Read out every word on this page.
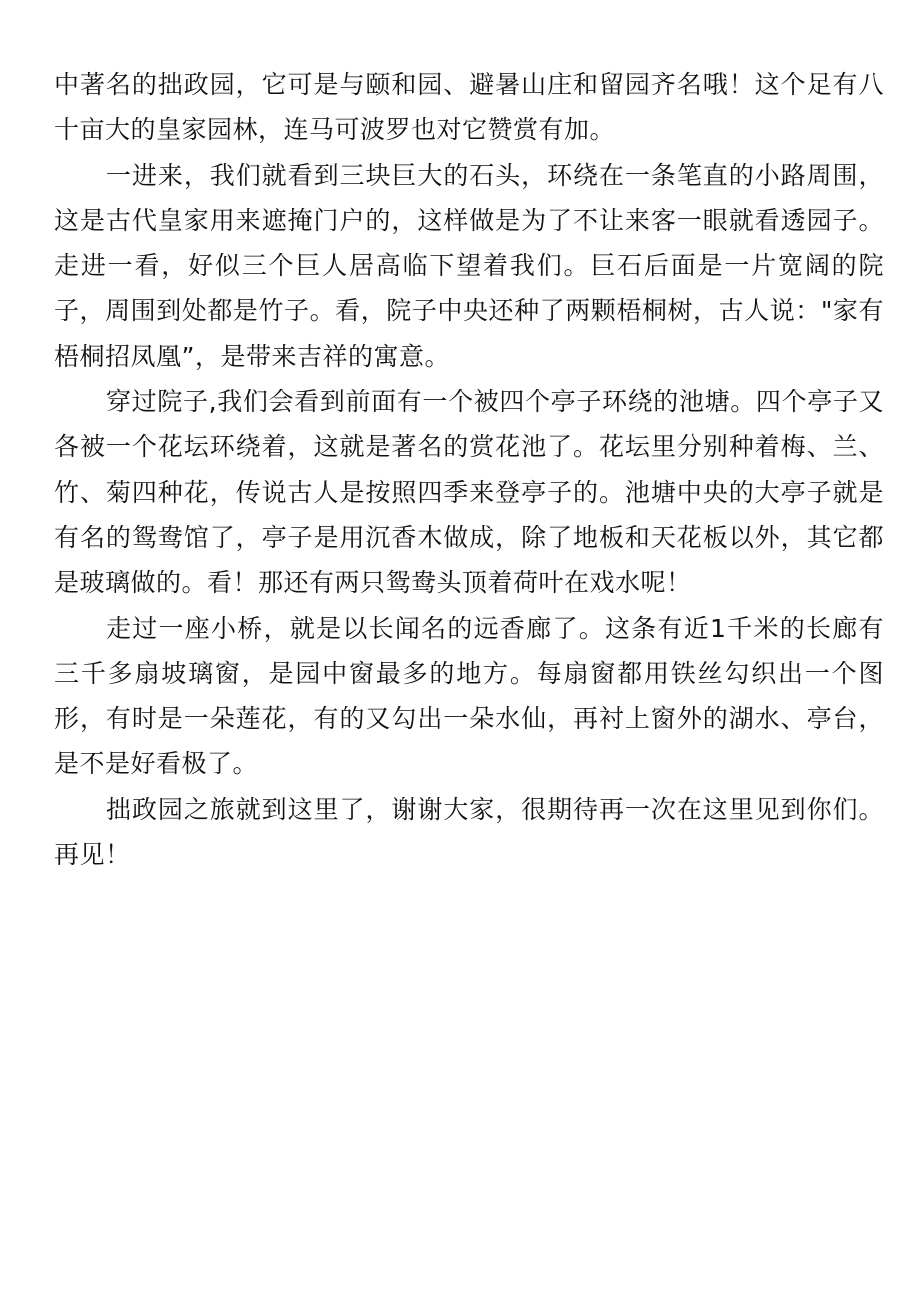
中著名的拙政园，它可是与颐和园、避暑山庄和留园齐名哦！这个足有八十亩大的皇家园林，连马可波罗也对它赞赏有加。

一进来，我们就看到三块巨大的石头，环绕在一条笔直的小路周围，这是古代皇家用来遮掩门户的，这样做是为了不让来客一眼就看透园子。走进一看，好似三个巨人居高临下望着我们。巨石后面是一片宽阔的院子，周围到处都是竹子。看，院子中央还种了两颗梧桐树，古人说："家有梧桐招凤凰”，是带来吉祥的寓意。

穿过院子,我们会看到前面有一个被四个亭子环绕的池塘。四个亭子又各被一个花坛环绕着，这就是著名的赏花池了。花坛里分别种着梅、兰、竹、菊四种花，传说古人是按照四季来登亭子的。池塘中央的大亭子就是有名的鸳鸯馆了，亭子是用沉香木做成，除了地板和天花板以外，其它都是玻璃做的。看！那还有两只鸳鸯头顶着荷叶在戏水呢！

走过一座小桥，就是以长闻名的远香廊了。这条有近1千米的长廊有三千多扇坡璃窗，是园中窗最多的地方。每扇窗都用铁丝勾织出一个图形，有时是一朵莲花，有的又勾出一朵水仙，再衬上窗外的湖水、亭台，是不是好看极了。

拙政园之旅就到这里了，谢谢大家，很期待再一次在这里见到你们。再见！
